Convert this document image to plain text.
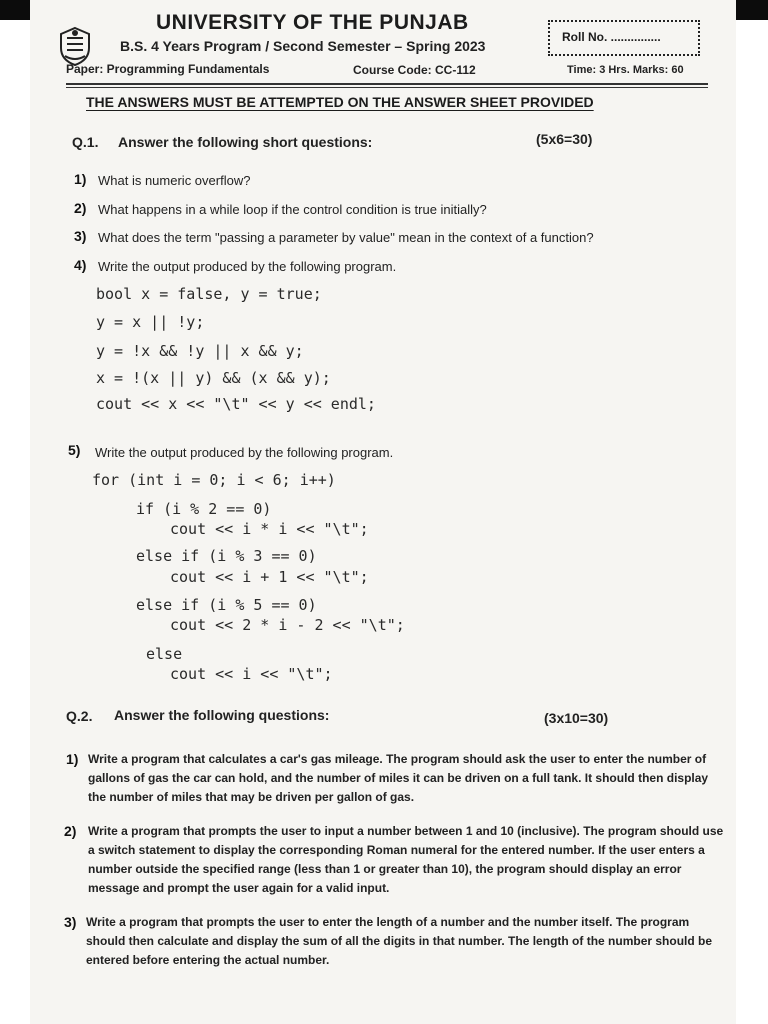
UNIVERSITY OF THE PUNJAB
B.S. 4 Years Program / Second Semester – Spring 2023
Paper: Programming Fundamentals	Course Code: CC-112
Roll No. ...............
Time: 3 Hrs. Marks: 60
THE ANSWERS MUST BE ATTEMPTED ON THE ANSWER SHEET PROVIDED
Q.1. Answer the following short questions:	(5x6=30)
1) What is numeric overflow?
2) What happens in a while loop if the control condition is true initially?
3) What does the term "passing a parameter by value" mean in the context of a function?
4) Write the output produced by the following program.
bool x = false, y = true;
y = x || !y;
y = !x && !y || x && y;
x = !(x || y) && (x && y);
cout << x << "\t" << y << endl;
5) Write the output produced by the following program.
for (int i = 0; i < 6; i++)
if (i % 2 == 0)
cout << i * i << "\t";
else if (i % 3 == 0)
cout << i + 1 << "\t";
else if (i % 5 == 0)
cout << 2 * i - 2 << "\t";
else
cout << i << "\t";
Q.2. Answer the following questions:	(3x10=30)
1) Write a program that calculates a car's gas mileage. The program should ask the user to enter the number of gallons of gas the car can hold, and the number of miles it can be driven on a full tank. It should then display the number of miles that may be driven per gallon of gas.
2) Write a program that prompts the user to input a number between 1 and 10 (inclusive). The program should use a switch statement to display the corresponding Roman numeral for the entered number. If the user enters a number outside the specified range (less than 1 or greater than 10), the program should display an error message and prompt the user again for a valid input.
3) Write a program that prompts the user to enter the length of a number and the number itself. The program should then calculate and display the sum of all the digits in that number. The length of the number should be entered before entering the actual number.
